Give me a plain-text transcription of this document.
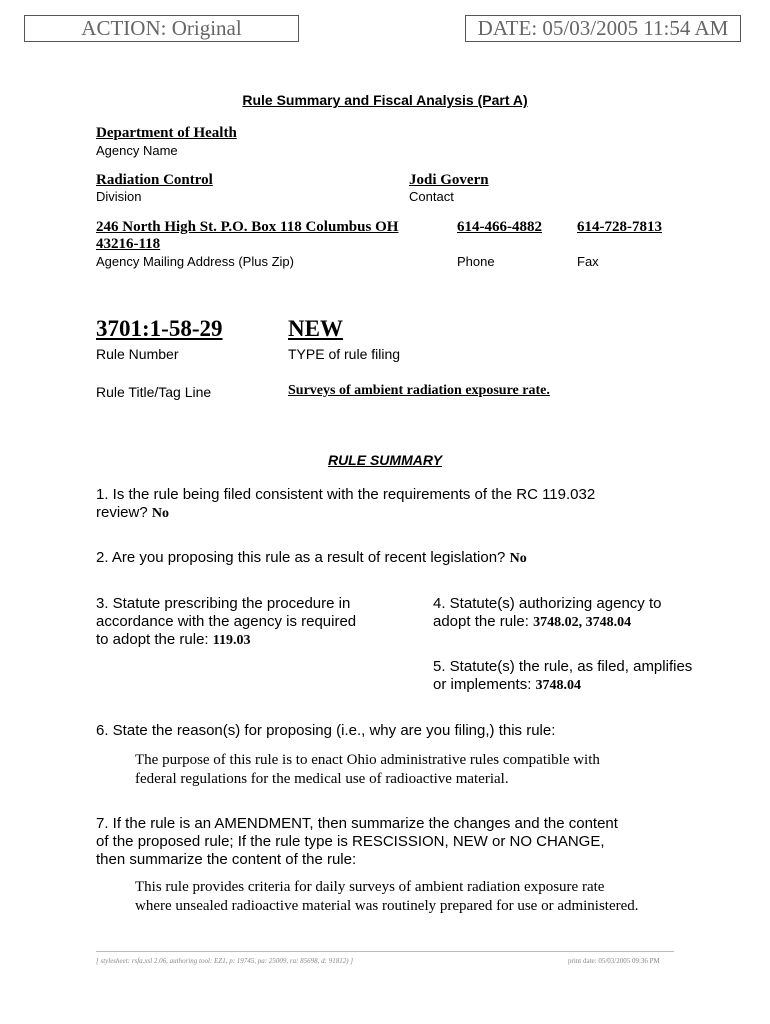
ACTION: Original	DATE: 05/03/2005 11:54 AM
Rule Summary and Fiscal Analysis (Part A)
Department of Health
Agency Name
Radiation Control
Division
Jodi Govern
Contact
246 North High St. P.O. Box 118 Columbus OH
43216-118
Agency Mailing Address (Plus Zip)
614-466-4882
Phone
614-728-7813
Fax
3701:1-58-29
Rule Number
NEW
TYPE of rule filing
Rule Title/Tag Line	Surveys of ambient radiation exposure rate.
RULE SUMMARY
1. Is the rule being filed consistent with the requirements of the RC 119.032
review? No
2. Are you proposing this rule as a result of recent legislation? No
3. Statute prescribing the procedure in
accordance with the agency is required
to adopt the rule: 119.03
4. Statute(s) authorizing agency to
adopt the rule: 3748.02, 3748.04
5. Statute(s) the rule, as filed, amplifies
or implements: 3748.04
6. State the reason(s) for proposing (i.e., why are you filing,) this rule:
The purpose of this rule is to enact Ohio administrative rules compatible with
federal regulations for the medical use of radioactive material.
7. If the rule is an AMENDMENT, then summarize the changes and the content
of the proposed rule; If the rule type is RESCISSION, NEW or NO CHANGE,
then summarize the content of the rule:
This rule provides criteria for daily surveys of ambient radiation exposure rate
where unsealed radioactive material was routinely prepared for use or administered.
[ stylesheet: rsfa.xsl 2.06, authoring tool: EZ1, p: 19745, pa: 25009, ra: 85698, d: 91812) ]	print date: 05/03/2005 09:36 PM
